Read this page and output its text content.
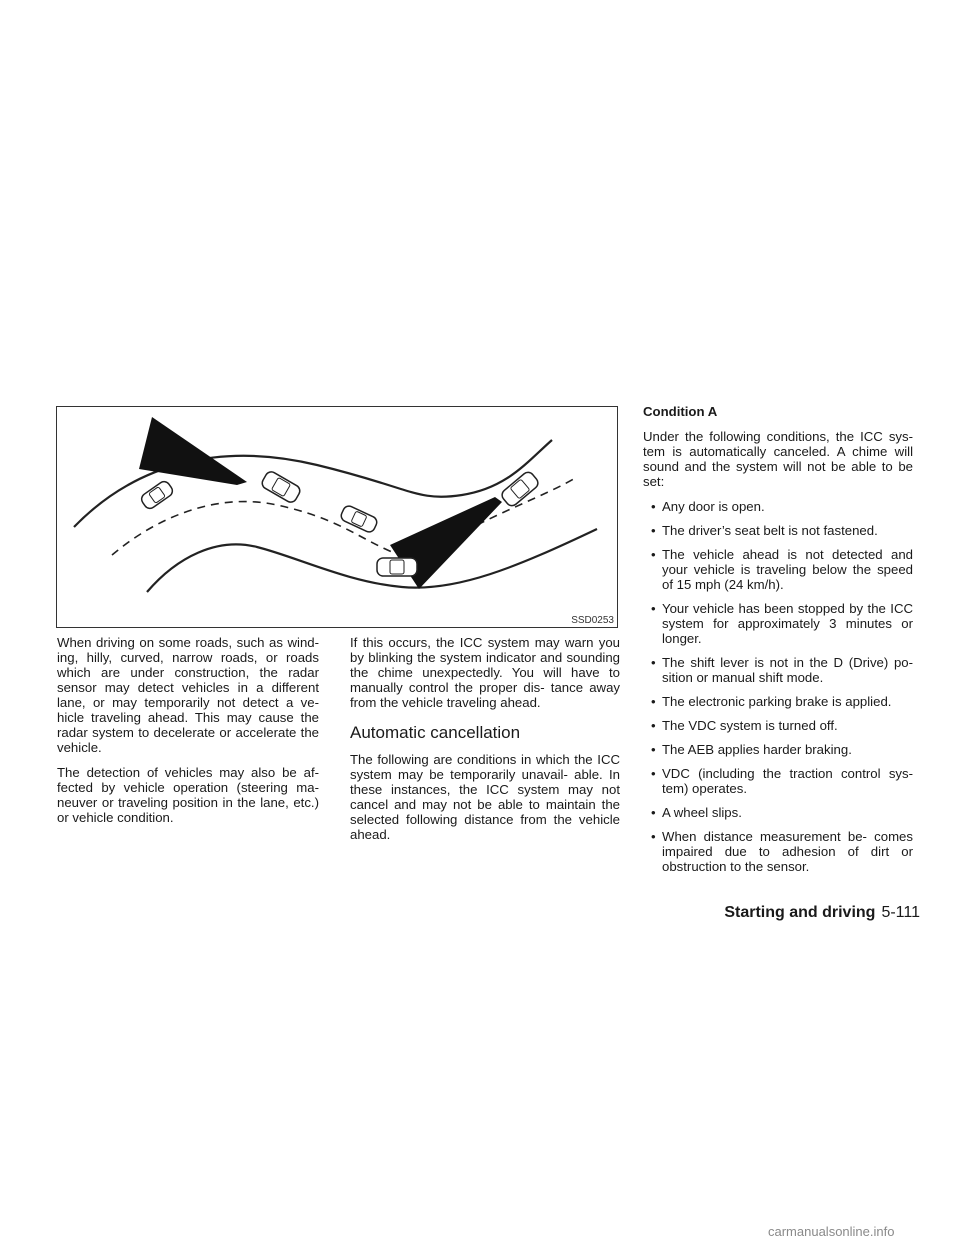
SSD0253

When driving on some roads, such as wind- ing, hilly, curved, narrow roads, or roads which are under construction, the radar sensor may detect vehicles in a different lane, or may temporarily not detect a ve- hicle traveling ahead. This may cause the radar system to decelerate or accelerate the vehicle.

The detection of vehicles may also be af- fected by vehicle operation (steering ma- neuver or traveling position in the lane, etc.) or vehicle condition.

If this occurs, the ICC system may warn you by blinking the system indicator and sounding the chime unexpectedly. You will have to manually control the proper dis- tance away from the vehicle traveling ahead.

Automatic cancellation

The following are conditions in which the ICC system may be temporarily unavail- able. In these instances, the ICC system may not cancel and may not be able to maintain the selected following distance from the vehicle ahead.

Condition A

Under the following conditions, the ICC sys- tem is automatically canceled. A chime will sound and the system will not be able to be set:

• Any door is open.
• The driver’s seat belt is not fastened.
• The vehicle ahead is not detected and your vehicle is traveling below the speed of 15 mph (24 km/h).
• Your vehicle has been stopped by the ICC system for approximately 3 minutes or longer.
• The shift lever is not in the D (Drive) po- sition or manual shift mode.
• The electronic parking brake is applied.
• The VDC system is turned off.
• The AEB applies harder braking.
• VDC (including the traction control sys- tem) operates.
• A wheel slips.
• When distance measurement be- comes impaired due to adhesion of dirt or obstruction to the sensor.
Starting and driving 5-111
carmanualsonline.info
